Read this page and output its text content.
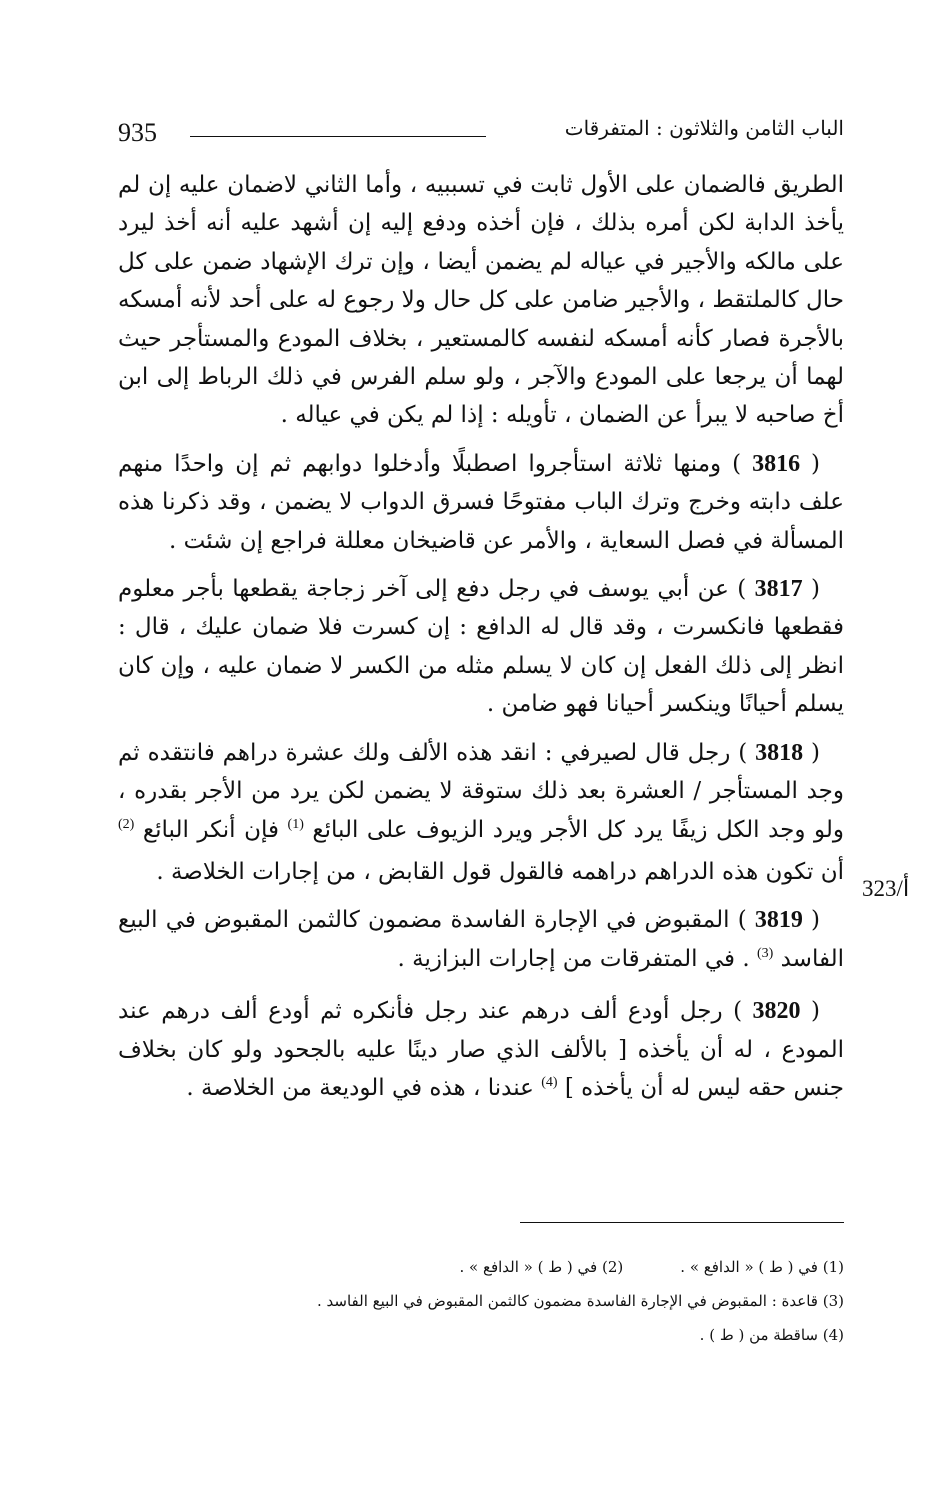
935	الباب الثامن والثلاثون : المتفرقات

الطريق فالضمان على الأول ثابت في تسببيه ، وأما الثاني لاضمان عليه إن لم يأخذ الدابة لكن أمره بذلك ، فإن أخذه ودفع إليه إن أشهد عليه أنه أخذ ليرد على مالكه والأجير في عياله لم يضمن أيضا ، وإن ترك الإشهاد ضمن على كل حال كالملتقط ، والأجير ضامن على كل حال ولا رجوع له على أحد لأنه أمسكه بالأجرة فصار كأنه أمسكه لنفسه كالمستعير ، بخلاف المودع والمستأجر حيث لهما أن يرجعا على المودع والآجر ، ولو سلم الفرس في ذلك الرباط إلى ابن أخ صاحبه لا يبرأ عن الضمان ، تأويله : إذا لم يكن في عياله .

( 3816 ) ومنها ثلاثة استأجروا اصطبلًا وأدخلوا دوابهم ثم إن واحدًا منهم علف دابته وخرج وترك الباب مفتوحًا فسرق الدواب لا يضمن ، وقد ذكرنا هذه المسألة في فصل السعاية ، والأمر عن قاضيخان معللة فراجع إن شئت .

( 3817 ) عن أبي يوسف في رجل دفع إلى آخر زجاجة يقطعها بأجر معلوم فقطعها فانكسرت ، وقد قال له الدافع : إن كسرت فلا ضمان عليك ، قال : انظر إلى ذلك الفعل إن كان لا يسلم مثله من الكسر لا ضمان عليه ، وإن كان يسلم أحيانًا وينكسر أحيانا فهو ضامن .

( 3818 ) رجل قال لصيرفي : انقد هذه الألف ولك عشرة دراهم فانتقده ثم وجد المستأجر / العشرة بعد ذلك ستوقة لا يضمن لكن يرد من الأجر بقدره ، ولو وجد الكل زيفًا يرد كل الأجر ويرد الزيوف على البائع $^{(1)}$ فإن أنكر البائع $^{(2)}$ أن تكون هذه الدراهم دراهمه فالقول قول القابض ، من إجارات الخلاصة .

( 3819 ) المقبوض في الإجارة الفاسدة مضمون كالثمن المقبوض في البيع الفاسد $^{(3)}$ . في المتفرقات من إجارات البزازية .

( 3820 ) رجل أودع ألف درهم عند رجل فأنكره ثم أودع ألف درهم عند المودع ، له أن يأخذه [ بالألف الذي صار دينًا عليه بالجحود ولو كان بخلاف جنس حقه ليس له أن يأخذه ] $^{(4)}$ عندنا ، هذه في الوديعة من الخلاصة .

323/أ
(1) في ( ط ) « الدافع » . (2) في ( ط ) « الدافع » .
(3) قاعدة : المقبوض في الإجارة الفاسدة مضمون كالثمن المقبوض في البيع الفاسد .
(4) ساقطة من ( ط ) .
